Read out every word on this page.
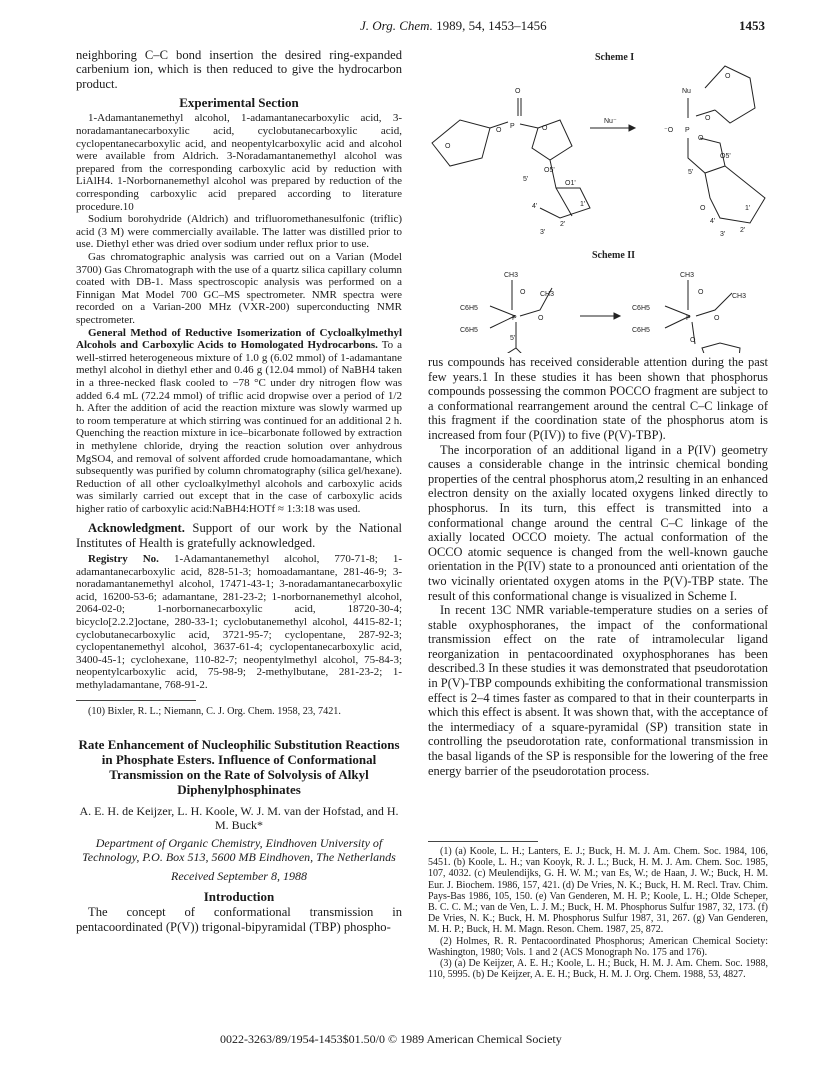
J. Org. Chem. 1989, 54, 1453–1456	1453

neighboring C–C bond insertion the desired ring-expanded carbenium ion, which is then reduced to give the hydrocarbon product.

Experimental Section

1-Adamantanemethyl alcohol, 1-adamantanecarboxylic acid, 3-noradamantanecarboxylic acid, cyclobutanecarboxylic acid, cyclopentanecarboxylic acid, and neopentylcarboxylic acid and alcohol were available from Aldrich. 3-Noradamantanemethyl alcohol was prepared from the corresponding carboxylic acid by reduction with LiAlH4. 1-Norbornanemethyl alcohol was prepared by reduction of the corresponding carboxylic acid prepared according to literature procedure.10

Sodium borohydride (Aldrich) and trifluoromethanesulfonic (triflic) acid (3 M) were commercially available. The latter was distilled prior to use. Diethyl ether was dried over sodium under reflux prior to use.

Gas chromatographic analysis was carried out on a Varian (Model 3700) Gas Chromatograph with the use of a quartz silica capillary column coated with DB-1. Mass spectroscopic analysis was performed on a Finnigan Mat Model 700 GC–MS spectrometer. NMR spectra were recorded on a Varian-200 MHz (VXR-200) superconducting NMR spectrometer.

General Method of Reductive Isomerization of Cycloalkylmethyl Alcohols and Carboxylic Acids to Homologated Hydrocarbons. To a well-stirred heterogeneous mixture of 1.0 g (6.02 mmol) of 1-adamantane methyl alcohol in diethyl ether and 0.46 g (12.04 mmol) of NaBH4 taken in a three-necked flask cooled to −78 °C under dry nitrogen flow was added 6.4 mL (72.24 mmol) of triflic acid dropwise over a period of 1/2 h. After the addition of acid the reaction mixture was slowly warmed up to room temperature at which stirring was continued for an additional 2 h. Quenching the reaction mixture in ice–bicarbonate followed by extraction in methylene chloride, drying the reaction solution over anhydrous MgSO4, and removal of solvent afforded crude homoadamantane, which subsequently was purified by column chromatography (silica gel/hexane). Reduction of all other cycloalkylmethyl alcohols and carboxylic acids was similarly carried out except that in the case of carboxylic acids higher ratio of carboxylic acid:NaBH4:HOTf ≈ 1:3:18 was used.

Acknowledgment. Support of our work by the National Institutes of Health is gratefully acknowledged.

Registry No. 1-Adamantanemethyl alcohol, 770-71-8; 1-adamantanecarboxylic acid, 828-51-3; homoadamantane, 281-46-9; 3-noradamantanemethyl alcohol, 17471-43-1; 3-noradamantanecarboxylic acid, 16200-53-6; adamantane, 281-23-2; 1-norbornanemethyl alcohol, 2064-02-0; 1-norbornanecarboxylic acid, 18720-30-4; bicyclo[2.2.2]octane, 280-33-1; cyclobutanemethyl alcohol, 4415-82-1; cyclobutanecarboxylic acid, 3721-95-7; cyclopentane, 287-92-3; cyclopentanemethyl alcohol, 3637-61-4; cyclopentanecarboxylic acid, 3400-45-1; cyclohexane, 110-82-7; neopentylmethyl alcohol, 75-84-3; neopentylcarboxylic acid, 75-98-9; 2-methylbutane, 281-23-2; 1-methyladamantane, 768-91-2.

(10) Bixler, R. L.; Niemann, C. J. Org. Chem. 1958, 23, 7421.

Rate Enhancement of Nucleophilic Substitution Reactions in Phosphate Esters. Influence of Conformational Transmission on the Rate of Solvolysis of Alkyl Diphenylphosphinates
A. E. H. de Keijzer, L. H. Koole, W. J. M. van der Hofstad, and H. M. Buck*
Department of Organic Chemistry, Eindhoven University of Technology, P.O. Box 513, 5600 MB Eindhoven, The Netherlands
Received September 8, 1988
Introduction

The concept of conformational transmission in pentacoordinated (P(V)) trigonal-bipyramidal (TBP) phospho-

Scheme I
O
P	O
O
O5'
5'
O1'
4'	1'
2'
3'
O
Nu⁻
Nu
⁻O P
O
O
O5'
O
5'
O
4'
1'
2'
3'
Scheme II
CH3
CH3
O
C6H5
C6H5
P	O
5'
CH3
CH3
O
C6H5
C6H5
P	O
O

rus compounds has received considerable attention during the past few years.1 In these studies it has been shown that phosphorus compounds possessing the common POCCO fragment are subject to a conformational rearrangement around the central C–C linkage of this fragment if the coordination state of the phosphorus atom is increased from four (P(IV)) to five (P(V)-TBP).

The incorporation of an additional ligand in a P(IV) geometry causes a considerable change in the intrinsic chemical bonding properties of the central phosphorus atom,2 resulting in an enhanced electron density on the axially located oxygens linked directly to phosphorus. In its turn, this effect is transmitted into a conformational change around the central C–C linkage of the axially located OCCO moiety. The actual conformation of the OCCO atomic sequence is changed from the well-known gauche orientation in the P(IV) state to a pronounced anti orientation of the two vicinally orientated oxygen atoms in the P(V)-TBP state. The result of this conformational change is visualized in Scheme I.

In recent 13C NMR variable-temperature studies on a series of stable oxyphosphoranes, the impact of the conformational transmission effect on the rate of intramolecular ligand reorganization in pentacoordinated oxyphosphoranes has been described.3 In these studies it was demonstrated that pseudorotation in P(V)-TBP compounds exhibiting the conformational transmission effect is 2–4 times faster as compared to that in their counterparts in which this effect is absent. It was shown that, with the acceptance of the intermediacy of a square-pyramidal (SP) transition state in controlling the pseudorotation rate, conformational transmission in the basal ligands of the SP is responsible for the lowering of the free energy barrier of the pseudorotation process.

(1) (a) Koole, L. H.; Lanters, E. J.; Buck, H. M. J. Am. Chem. Soc. 1984, 106, 5451. (b) Koole, L. H.; van Kooyk, R. J. L.; Buck, H. M. J. Am. Chem. Soc. 1985, 107, 4032. (c) Meulendijks, G. H. W. M.; van Es, W.; de Haan, J. W.; Buck, H. M. Eur. J. Biochem. 1986, 157, 421. (d) De Vries, N. K.; Buck, H. M. Recl. Trav. Chim. Pays-Bas 1986, 105, 150. (e) Van Genderen, M. H. P.; Koole, L. H.; Olde Scheper, B. C. C. M.; van de Ven, L. J. M.; Buck, H. M. Phosphorus Sulfur 1987, 32, 173. (f) De Vries, N. K.; Buck, H. M. Phosphorus Sulfur 1987, 31, 267. (g) Van Genderen, M. H. P.; Buck, H. M. Magn. Reson. Chem. 1987, 25, 872.

(2) Holmes, R. R. Pentacoordinated Phosphorus; American Chemical Society: Washington, 1980; Vols. 1 and 2 (ACS Monograph No. 175 and 176).

(3) (a) De Keijzer, A. E. H.; Koole, L. H.; Buck, H. M. J. Am. Chem. Soc. 1988, 110, 5995. (b) De Keijzer, A. E. H.; Buck, H. M. J. Org. Chem. 1988, 53, 4827.

0022-3263/89/1954-1453$01.50/0 © 1989 American Chemical Society
